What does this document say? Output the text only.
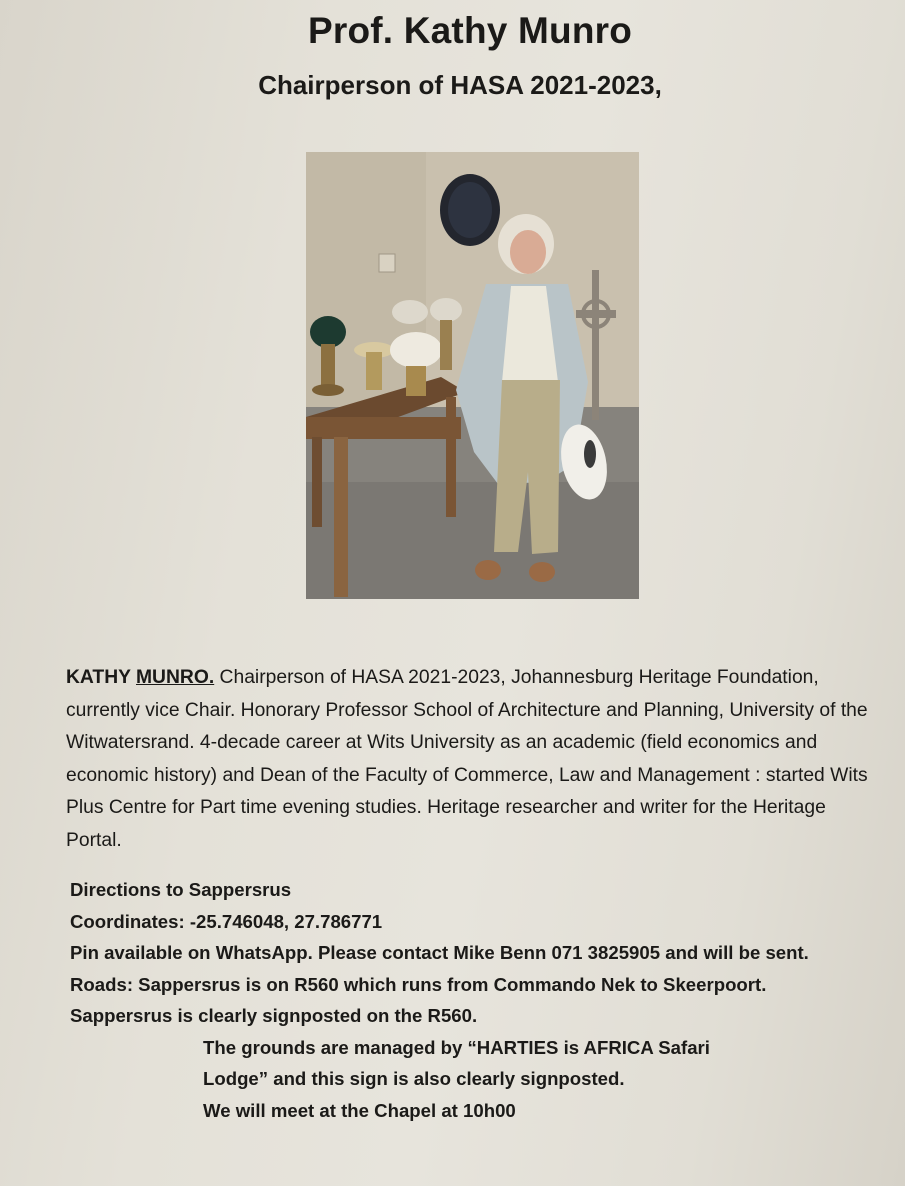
Prof. Kathy Munro
Chairperson of HASA 2021-2023,
KATHY MUNRO. Chairperson of HASA 2021-2023, Johannesburg Heritage Foundation, currently vice Chair. Honorary Professor School of Architecture and Planning, University of the Witwatersrand. 4-decade career at Wits University as an academic (field economics and economic history) and Dean of the Faculty of Commerce, Law and Management : started Wits Plus Centre for Part time evening studies. Heritage researcher and writer for the Heritage Portal.
Directions to Sappersrus
Coordinates: -25.746048, 27.786771
Pin available on WhatsApp. Please contact Mike Benn 071 3825905 and will be sent.
Roads: Sappersrus is on R560 which runs from Commando Nek to Skeerpoort.
Sappersrus is clearly signposted on the R560.
The grounds are managed by “HARTIES is AFRICA Safari Lodge” and this sign is also clearly signposted.
We will meet at the Chapel at 10h00
